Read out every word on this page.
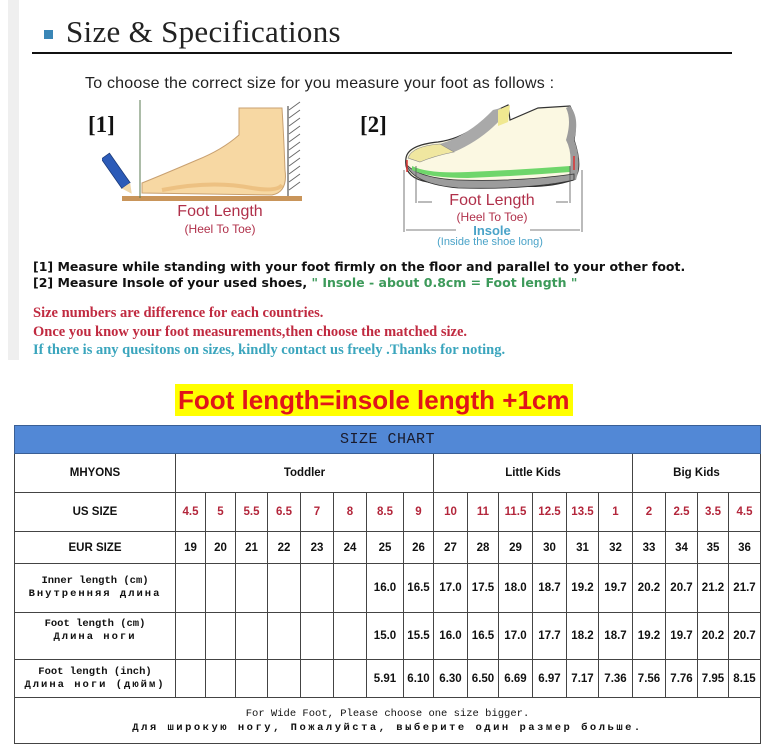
Size & Specifications
To choose the correct size for you measure your foot as follows :
[1]
Foot Length
(Heel To Toe)
[2]
Foot Length
(Heel To Toe)
Insole
(Inside the shoe long)
[1] Measure while standing with your foot firmly on the floor and parallel to your other foot.
[2] Measure Insole of your used shoes, " Insole - about 0.8cm = Foot length "
Size numbers are difference for each countries.
Once you know your foot measurements,then choose the matched size.
If there is any quesitons on sizes, kindly contact us freely .Thanks for noting.
Foot length=insole length +1cm
SIZE CHART																		
MHYONS	Toddler								Little Kids						Big Kids			
US SIZE	4.5	5	5.5	6.5	7	8	8.5	9	10	11	11.5	12.5	13.5	1	2	2.5	3.5	4.5
EUR SIZE	19	20	21	22	23	24	25	26	27	28	29	30	31	32	33	34	35	36

Inner length (cm)
Внутренняя длина							16.0	16.5	17.0	17.5	18.0	18.7	19.2	19.7	20.2	20.7	21.2	21.7

Foot length (cm)
Длина ноги							15.0	15.5	16.0	16.5	17.0	17.7	18.2	18.7	19.2	19.7	20.2	20.7

Foot length (inch)
Длина ноги (дюйм)							5.91	6.10	6.30	6.50	6.69	6.97	7.17	7.36	7.56	7.76	7.95	8.15

For Wide Foot, Please choose one size bigger.
Для широкую ногу, Пожалуйста, выберите один размер больше.																		
